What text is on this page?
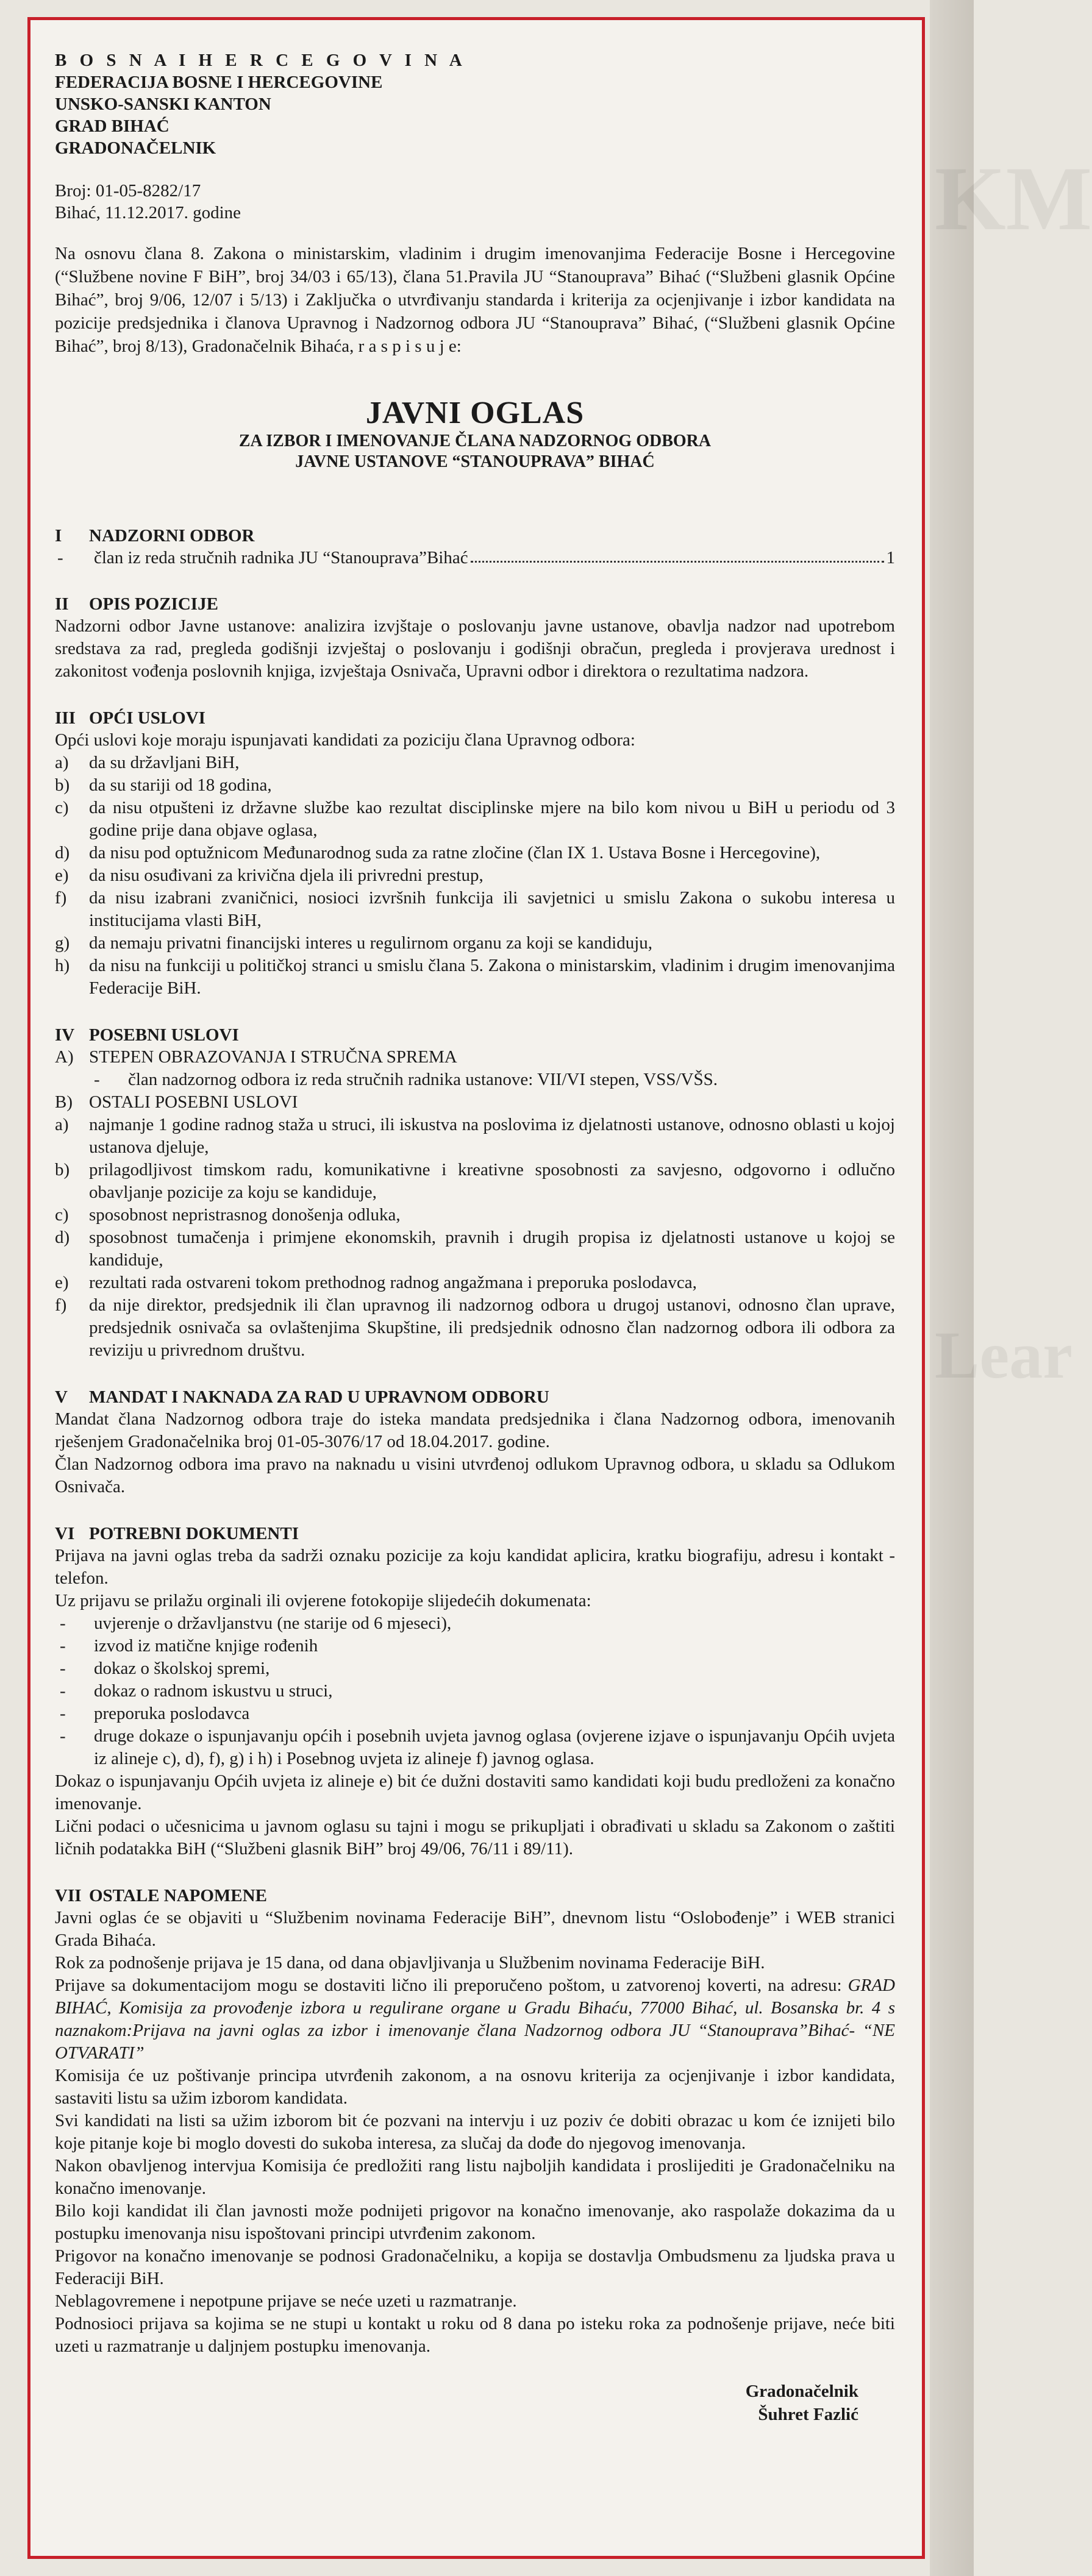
KM
Lear
B O S N A I H E R C E G O V I N A
FEDERACIJA BOSNE I HERCEGOVINE
UNSKO-SANSKI KANTON
GRAD BIHAĆ
GRADONAČELNIK
Broj: 01-05-8282/17
Bihać, 11.12.2017. godine

Na osnovu člana 8. Zakona o ministarskim, vladinim i drugim imenovanjima Federacije Bosne i Hercegovine (“Službene novine F BiH”, broj 34/03 i 65/13), člana 51.Pravila JU “Stanouprava” Bihać (“Službeni glasnik Općine Bihać”, broj 9/06, 12/07 i 5/13) i Zaključka o utvrđivanju standarda i kriterija za ocjenjivanje i izbor kandidata na pozicije predsjednika i članova Upravnog i Nadzornog odbora JU “Stanouprava” Bihać, (“Službeni glasnik Općine Bihać”, broj 8/13), Gradonačelnik Bihaća, r a s p i s u j e:

JAVNI OGLAS
ZA IZBOR I IMENOVANJE ČLANA NADZORNOG ODBORA
JAVNE USTANOVE “STANOUPRAVA” BIHAĆ
I NADZORNI ODBOR
-	član iz reda stručnih radnika JU “Stanouprava”Bihać	1
II OPIS POZICIJE

Nadzorni odbor Javne ustanove: analizira izvjštaje o poslovanju javne ustanove, obavlja nadzor nad upotrebom sredstava za rad, pregleda godišnji izvještaj o poslovanju i godišnji obračun, pregleda i provjerava urednost i zakonitost vođenja poslovnih knjiga, izvještaja Osnivača, Upravni odbor i direktora o rezultatima nadzora.

III OPĆI USLOVI

Opći uslovi koje moraju ispunjavati kandidati za poziciju člana Upravnog odbora:

a)	da su državljani BiH,
b)	da su stariji od 18 godina,
c)	da nisu otpušteni iz državne službe kao rezultat disciplinske mjere na bilo kom nivou u BiH u periodu od 3 godine prije dana objave oglasa,
d)	da nisu pod optužnicom Međunarodnog suda za ratne zločine (član IX 1. Ustava Bosne i Hercegovine),
e)	da nisu osuđivani za krivična djela ili privredni prestup,
f)	da nisu izabrani zvaničnici, nosioci izvršnih funkcija ili savjetnici u smislu Zakona o sukobu interesa u institucijama vlasti BiH,
g)	da nemaju privatni financijski interes u regulirnom organu za koji se kandiduju,
h)	da nisu na funkciji u političkoj stranci u smislu člana 5. Zakona o ministarskim, vladinim i drugim imenovanjima Federacije BiH.
IV POSEBNI USLOVI
A) STEPEN OBRAZOVANJA I STRUČNA SPREMA
-	član nadzornog odbora iz reda stručnih radnika ustanove: VII/VI stepen, VSS/VŠS.
B) OSTALI POSEBNI USLOVI
a)	najmanje 1 godine radnog staža u struci, ili iskustva na poslovima iz djelatnosti ustanove, odnosno oblasti u kojoj ustanova djeluje,
b)	prilagodljivost timskom radu, komunikativne i kreativne sposobnosti za savjesno, odgovorno i odlučno obavljanje pozicije za koju se kandiduje,
c)	sposobnost nepristrasnog donošenja odluka,
d)	sposobnost tumačenja i primjene ekonomskih, pravnih i drugih propisa iz djelatnosti ustanove u kojoj se kandiduje,
e)	rezultati rada ostvareni tokom prethodnog radnog angažmana i preporuka poslodavca,
f)	da nije direktor, predsjednik ili član upravnog ili nadzornog odbora u drugoj ustanovi, odnosno član uprave, predsjednik osnivača sa ovlaštenjima Skupštine, ili predsjednik odnosno član nadzornog odbora ili odbora za reviziju u privrednom društvu.
V MANDAT I NAKNADA ZA RAD U UPRAVNOM ODBORU

Mandat člana Nadzornog odbora traje do isteka mandata predsjednika i člana Nadzornog odbora, imenovanih rješenjem Gradonačelnika broj 01-05-3076/17 od 18.04.2017. godine.

Član Nadzornog odbora ima pravo na naknadu u visini utvrđenoj odlukom Upravnog odbora, u skladu sa Odlukom Osnivača.

VI POTREBNI DOKUMENTI

Prijava na javni oglas treba da sadrži oznaku pozicije za koju kandidat aplicira, kratku biografiju, adresu i kontakt - telefon.

Uz prijavu se prilažu orginali ili ovjerene fotokopije slijedećih dokumenata:

-	uvjerenje o državljanstvu (ne starije od 6 mjeseci),
-	izvod iz matične knjige rođenih
-	dokaz o školskoj spremi,
-	dokaz o radnom iskustvu u struci,
-	preporuka poslodavca
-	druge dokaze o ispunjavanju općih i posebnih uvjeta javnog oglasa (ovjerene izjave o ispunjavanju Općih uvjeta iz alineje c), d), f), g) i h) i Posebnog uvjeta iz alineje f) javnog oglasa.

Dokaz o ispunjavanju Općih uvjeta iz alineje e) bit će dužni dostaviti samo kandidati koji budu predloženi za konačno imenovanje.

Lični podaci o učesnicima u javnom oglasu su tajni i mogu se prikupljati i obrađivati u skladu sa Zakonom o zaštiti ličnih podatakka BiH (“Službeni glasnik BiH” broj 49/06, 76/11 i 89/11).

VII OSTALE NAPOMENE

Javni oglas će se objaviti u “Službenim novinama Federacije BiH”, dnevnom listu “Oslobođenje” i WEB stranici Grada Bihaća.

Rok za podnošenje prijava je 15 dana, od dana objavljivanja u Službenim novinama Federacije BiH.

Prijave sa dokumentacijom mogu se dostaviti lično ili preporučeno poštom, u zatvorenoj koverti, na adresu: GRAD BIHAĆ, Komisija za provođenje izbora u regulirane organe u Gradu Bihaću, 77000 Bihać, ul. Bosanska br. 4 s naznakom:Prijava na javni oglas za izbor i imenovanje člana Nadzornog odbora JU “Stanouprava”Bihać- “NE OTVARATI”

Komisija će uz poštivanje principa utvrđenih zakonom, a na osnovu kriterija za ocjenjivanje i izbor kandidata, sastaviti listu sa užim izborom kandidata.

Svi kandidati na listi sa užim izborom bit će pozvani na intervju i uz poziv će dobiti obrazac u kom će iznijeti bilo koje pitanje koje bi moglo dovesti do sukoba interesa, za slučaj da dođe do njegovog imenovanja.

Nakon obavljenog intervjua Komisija će predložiti rang listu najboljih kandidata i proslijediti je Gradonačelniku na konačno imenovanje.

Bilo koji kandidat ili član javnosti može podnijeti prigovor na konačno imenovanje, ako raspolaže dokazima da u postupku imenovanja nisu ispoštovani principi utvrđenim zakonom.

Prigovor na konačno imenovanje se podnosi Gradonačelniku, a kopija se dostavlja Ombudsmenu za ljudska prava u Federaciji BiH.

Neblagovremene i nepotpune prijave se neće uzeti u razmatranje.

Podnosioci prijava sa kojima se ne stupi u kontakt u roku od 8 dana po isteku roka za podnošenje prijave, neće biti uzeti u razmatranje u daljnjem postupku imenovanja.

Gradonačelnik
Šuhret Fazlić
